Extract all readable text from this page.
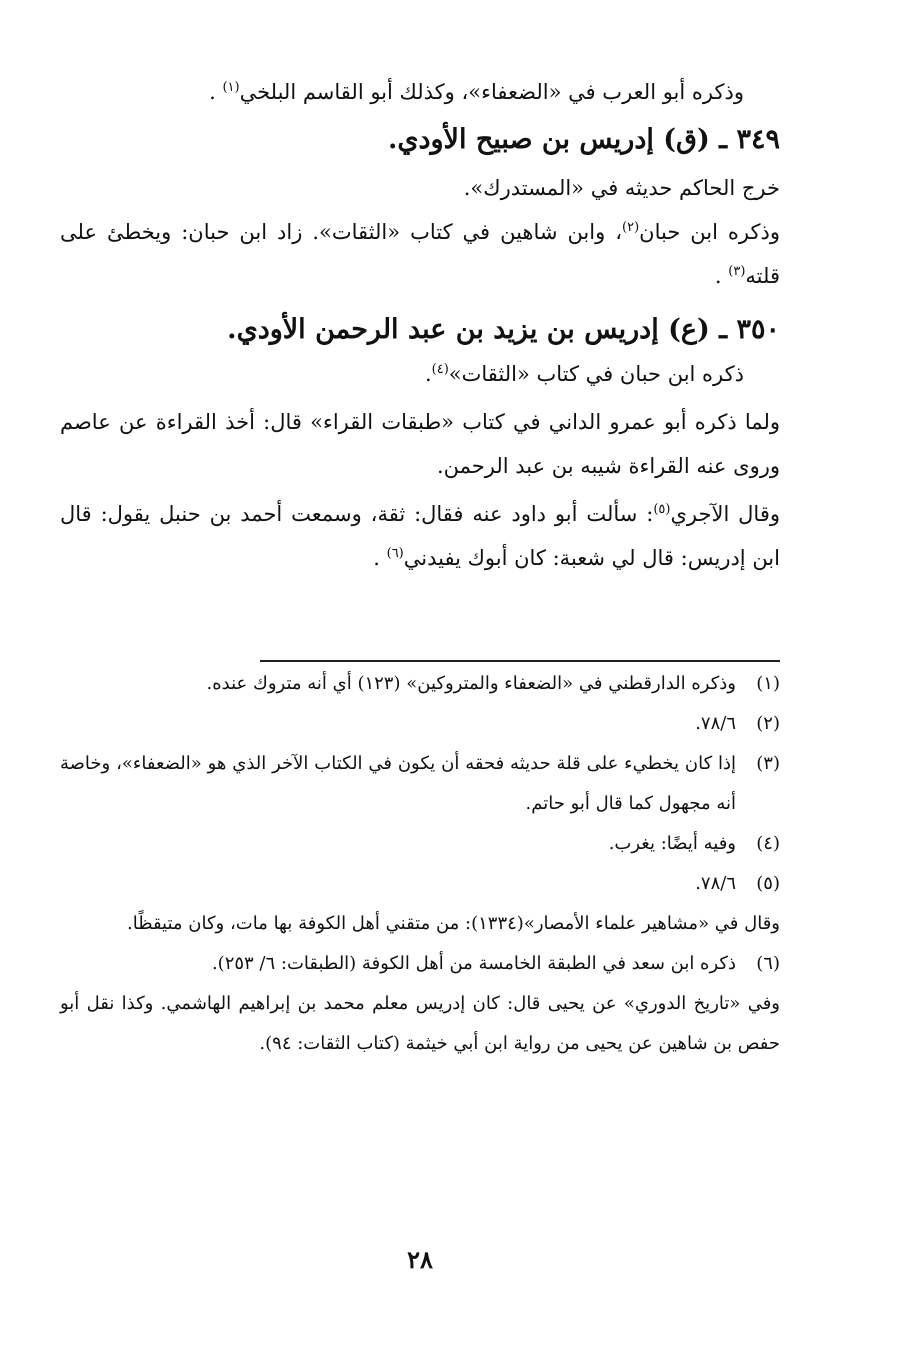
وذكره أبو العرب في «الضعفاء»، وكذلك أبو القاسم البلخي$^{(١)}$ .

٣٤٩ ـ (ق) إدريس بن صبيح الأودي.

خرج الحاكم حديثه في «المستدرك».

وذكره ابن حبان$^{(٢)}$، وابن شاهين في كتاب «الثقات». زاد ابن حبان: ويخطئ على قلته$^{(٣)}$ .

٣٥٠ ـ (ع) إدريس بن يزيد بن عبد الرحمن الأودي.

ذكره ابن حبان في كتاب «الثقات»$^{(٤)}$.

ولما ذكره أبو عمرو الداني في كتاب «طبقات القراء» قال: أخذ القراءة عن عاصم وروى عنه القراءة شيبه بن عبد الرحمن.

وقال الآجري$^{(٥)}$: سألت أبو داود عنه فقال: ثقة، وسمعت أحمد بن حنبل يقول: قال ابن إدريس: قال لي شعبة: كان أبوك يفيدني$^{(٦)}$ .

(١)
وذكره الدارقطني في «الضعفاء والمتروكين» (١٢٣) أي أنه متروك عنده.
(٢)
٧٨/٦.
(٣)
إذا كان يخطيء على قلة حديثه فحقه أن يكون في الكتاب الآخر الذي هو «الضعفاء»، وخاصة أنه مجهول كما قال أبو حاتم.
(٤)
وفيه أيضًا: يغرب.
(٥)
٧٨/٦.

وقال في «مشاهير علماء الأمصار»(١٣٣٤): من متقني أهل الكوفة بها مات، وكان متيقظًا.

(٦)
ذكره ابن سعد في الطبقة الخامسة من أهل الكوفة (الطبقات: ٦/ ٢٥٣).

وفي «تاريخ الدوري» عن يحيى قال: كان إدريس معلم محمد بن إبراهيم الهاشمي. وكذا نقل أبو حفص بن شاهين عن يحيى من رواية ابن أبي خيثمة (كتاب الثقات: ٩٤).

٢٨
